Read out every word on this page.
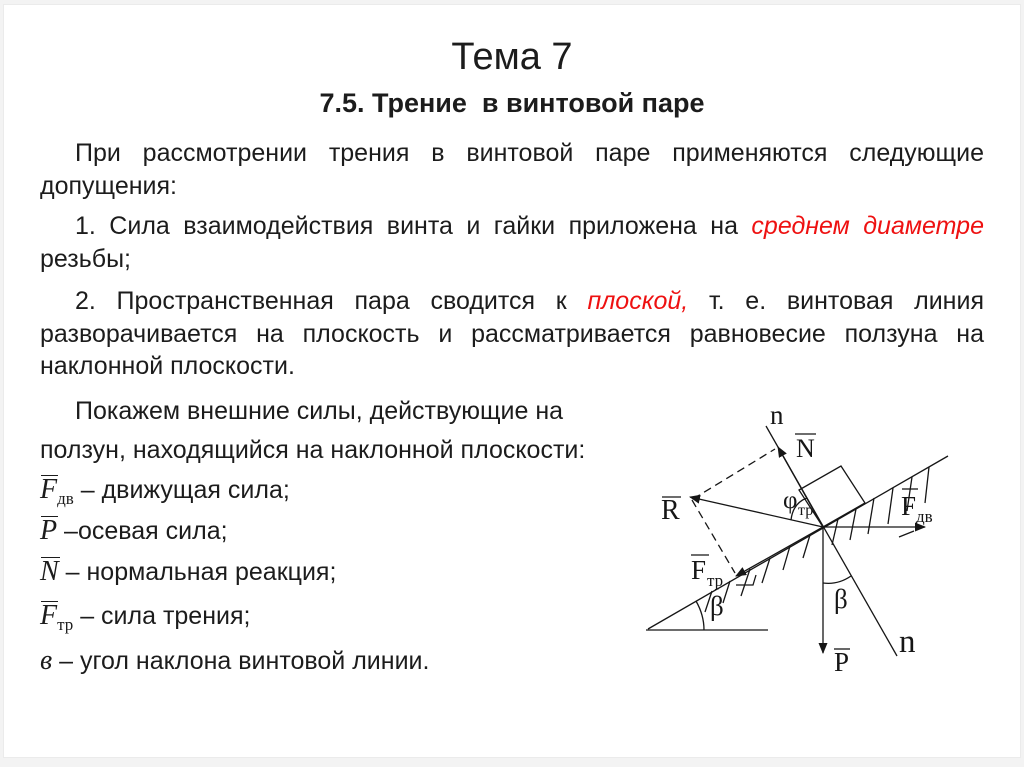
Тема 7
7.5. Трение  в винтовой паре
При рассмотрении трения в винтовой паре применяются следующие
допущения:
1. Сила взаимодействия винта и гайки приложена на среднем диаметре
резьбы;
2. Пространственная пара сводится к плоской, т. е. винтовая линия
разворачивается на плоскость и рассматривается равновесие ползуна на
наклонной плоскости.
Покажем внешние силы, действующие на
ползун, находящийся на наклонной плоскости:
$F_{дв}$ – движущая сила;
P –осевая сила;
N – нормальная реакция;
$F_{тр}$ – сила трения;
в – угол наклона винтовой линии.
n
N
φ тр
R	F дв
F тр
β	β
P
n
